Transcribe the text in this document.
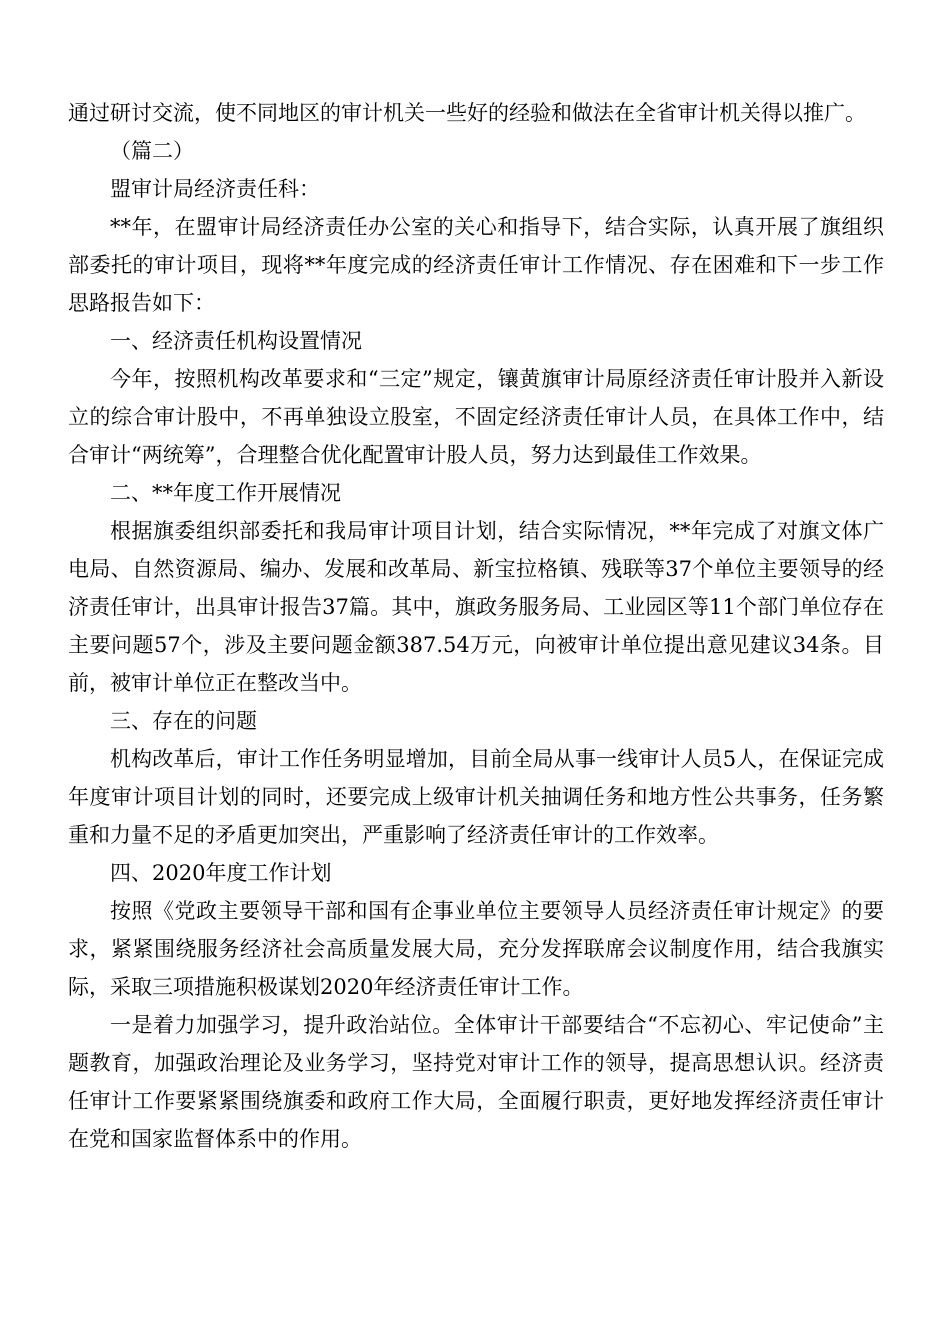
通过研讨交流，使不同地区的审计机关一些好的经验和做法在全省审计机关得以推广。

（篇二）

盟审计局经济责任科：

**年，在盟审计局经济责任办公室的关心和指导下，结合实际，认真开展了旗组织部委托的审计项目，现将**年度完成的经济责任审计工作情况、存在困难和下一步工作思路报告如下：

一、经济责任机构设置情况

今年，按照机构改革要求和“三定”规定，镶黄旗审计局原经济责任审计股并入新设立的综合审计股中，不再单独设立股室，不固定经济责任审计人员，在具体工作中，结合审计“两统筹”，合理整合优化配置审计股人员，努力达到最佳工作效果。

二、**年度工作开展情况

根据旗委组织部委托和我局审计项目计划，结合实际情况，**年完成了对旗文体广电局、自然资源局、编办、发展和改革局、新宝拉格镇、残联等37个单位主要领导的经济责任审计，出具审计报告37篇。其中，旗政务服务局、工业园区等11个部门单位存在主要问题57个，涉及主要问题金额387.54万元，向被审计单位提出意见建议34条。目前，被审计单位正在整改当中。

三、存在的问题

机构改革后，审计工作任务明显增加，目前全局从事一线审计人员5人，在保证完成年度审计项目计划的同时，还要完成上级审计机关抽调任务和地方性公共事务，任务繁重和力量不足的矛盾更加突出，严重影响了经济责任审计的工作效率。

四、2020年度工作计划

按照《党政主要领导干部和国有企事业单位主要领导人员经济责任审计规定》的要求，紧紧围绕服务经济社会高质量发展大局，充分发挥联席会议制度作用，结合我旗实际，采取三项措施积极谋划2020年经济责任审计工作。

一是着力加强学习，提升政治站位。全体审计干部要结合“不忘初心、牢记使命”主题教育，加强政治理论及业务学习，坚持党对审计工作的领导，提高思想认识。经济责任审计工作要紧紧围绕旗委和政府工作大局，全面履行职责，更好地发挥经济责任审计在党和国家监督体系中的作用。
